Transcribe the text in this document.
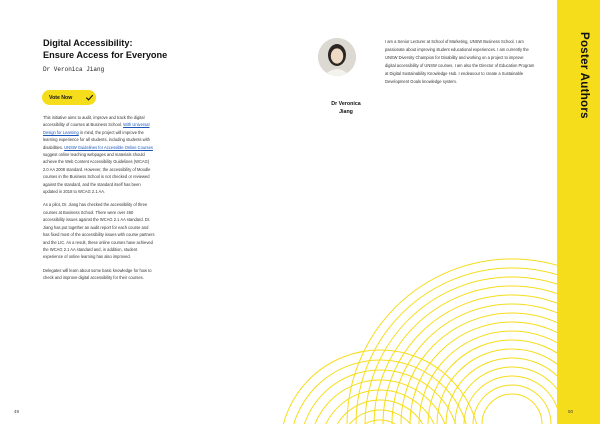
Digital Accessibility:
Ensure Access for Everyone
Dr Veronica Jiang
Vote Now

This initiative aims to audit, improve and track the digital accessibility of courses at Business School. With Universal Design for Learning in mind, the project will improve the learning experience for all students, including students with disabilities. UNSW Guidelines for Accessible Online Courses suggest online teaching webpages and materials should achieve the Web Content Accessibility Guidelines (WCAG) 2.0 AA 2008 standard. However, the accessibility of Moodle courses in the Business School is not checked or reviewed against the standard, and the standard itself has been updated in 2018 to WCAG 2.1 AA.

As a pilot, Dr. Jiang has checked the accessibility of three courses at Business School. There were over 460 accessibility issues against the WCAG 2.1 AA standard. Dr. Jiang has put together an audit report for each course and has fixed most of the accessibility issues with course partners and the LIC. As a result, these online courses have achieved the WCAG 2.1 AA standard and, in addition, student experience of online learning has also improved.

Delegates will learn about some basic knowledge for how to check and improve digital accessibility for their courses.

Dr Veronica
Jiang

I am a Senior Lecturer at School of Marketing, UNSW Business School. I am passionate about improving student educational experiences. I am currently the UNSW Diversity Champion for Disability and working on a project to improve digital accessibility of UNSW courses. I am also the Director of Education Program at Digital Sustainability Knowledge Hub. I endeavour to create a Sustainable Development Goals knowledge system.	Poster Authors
49	50
